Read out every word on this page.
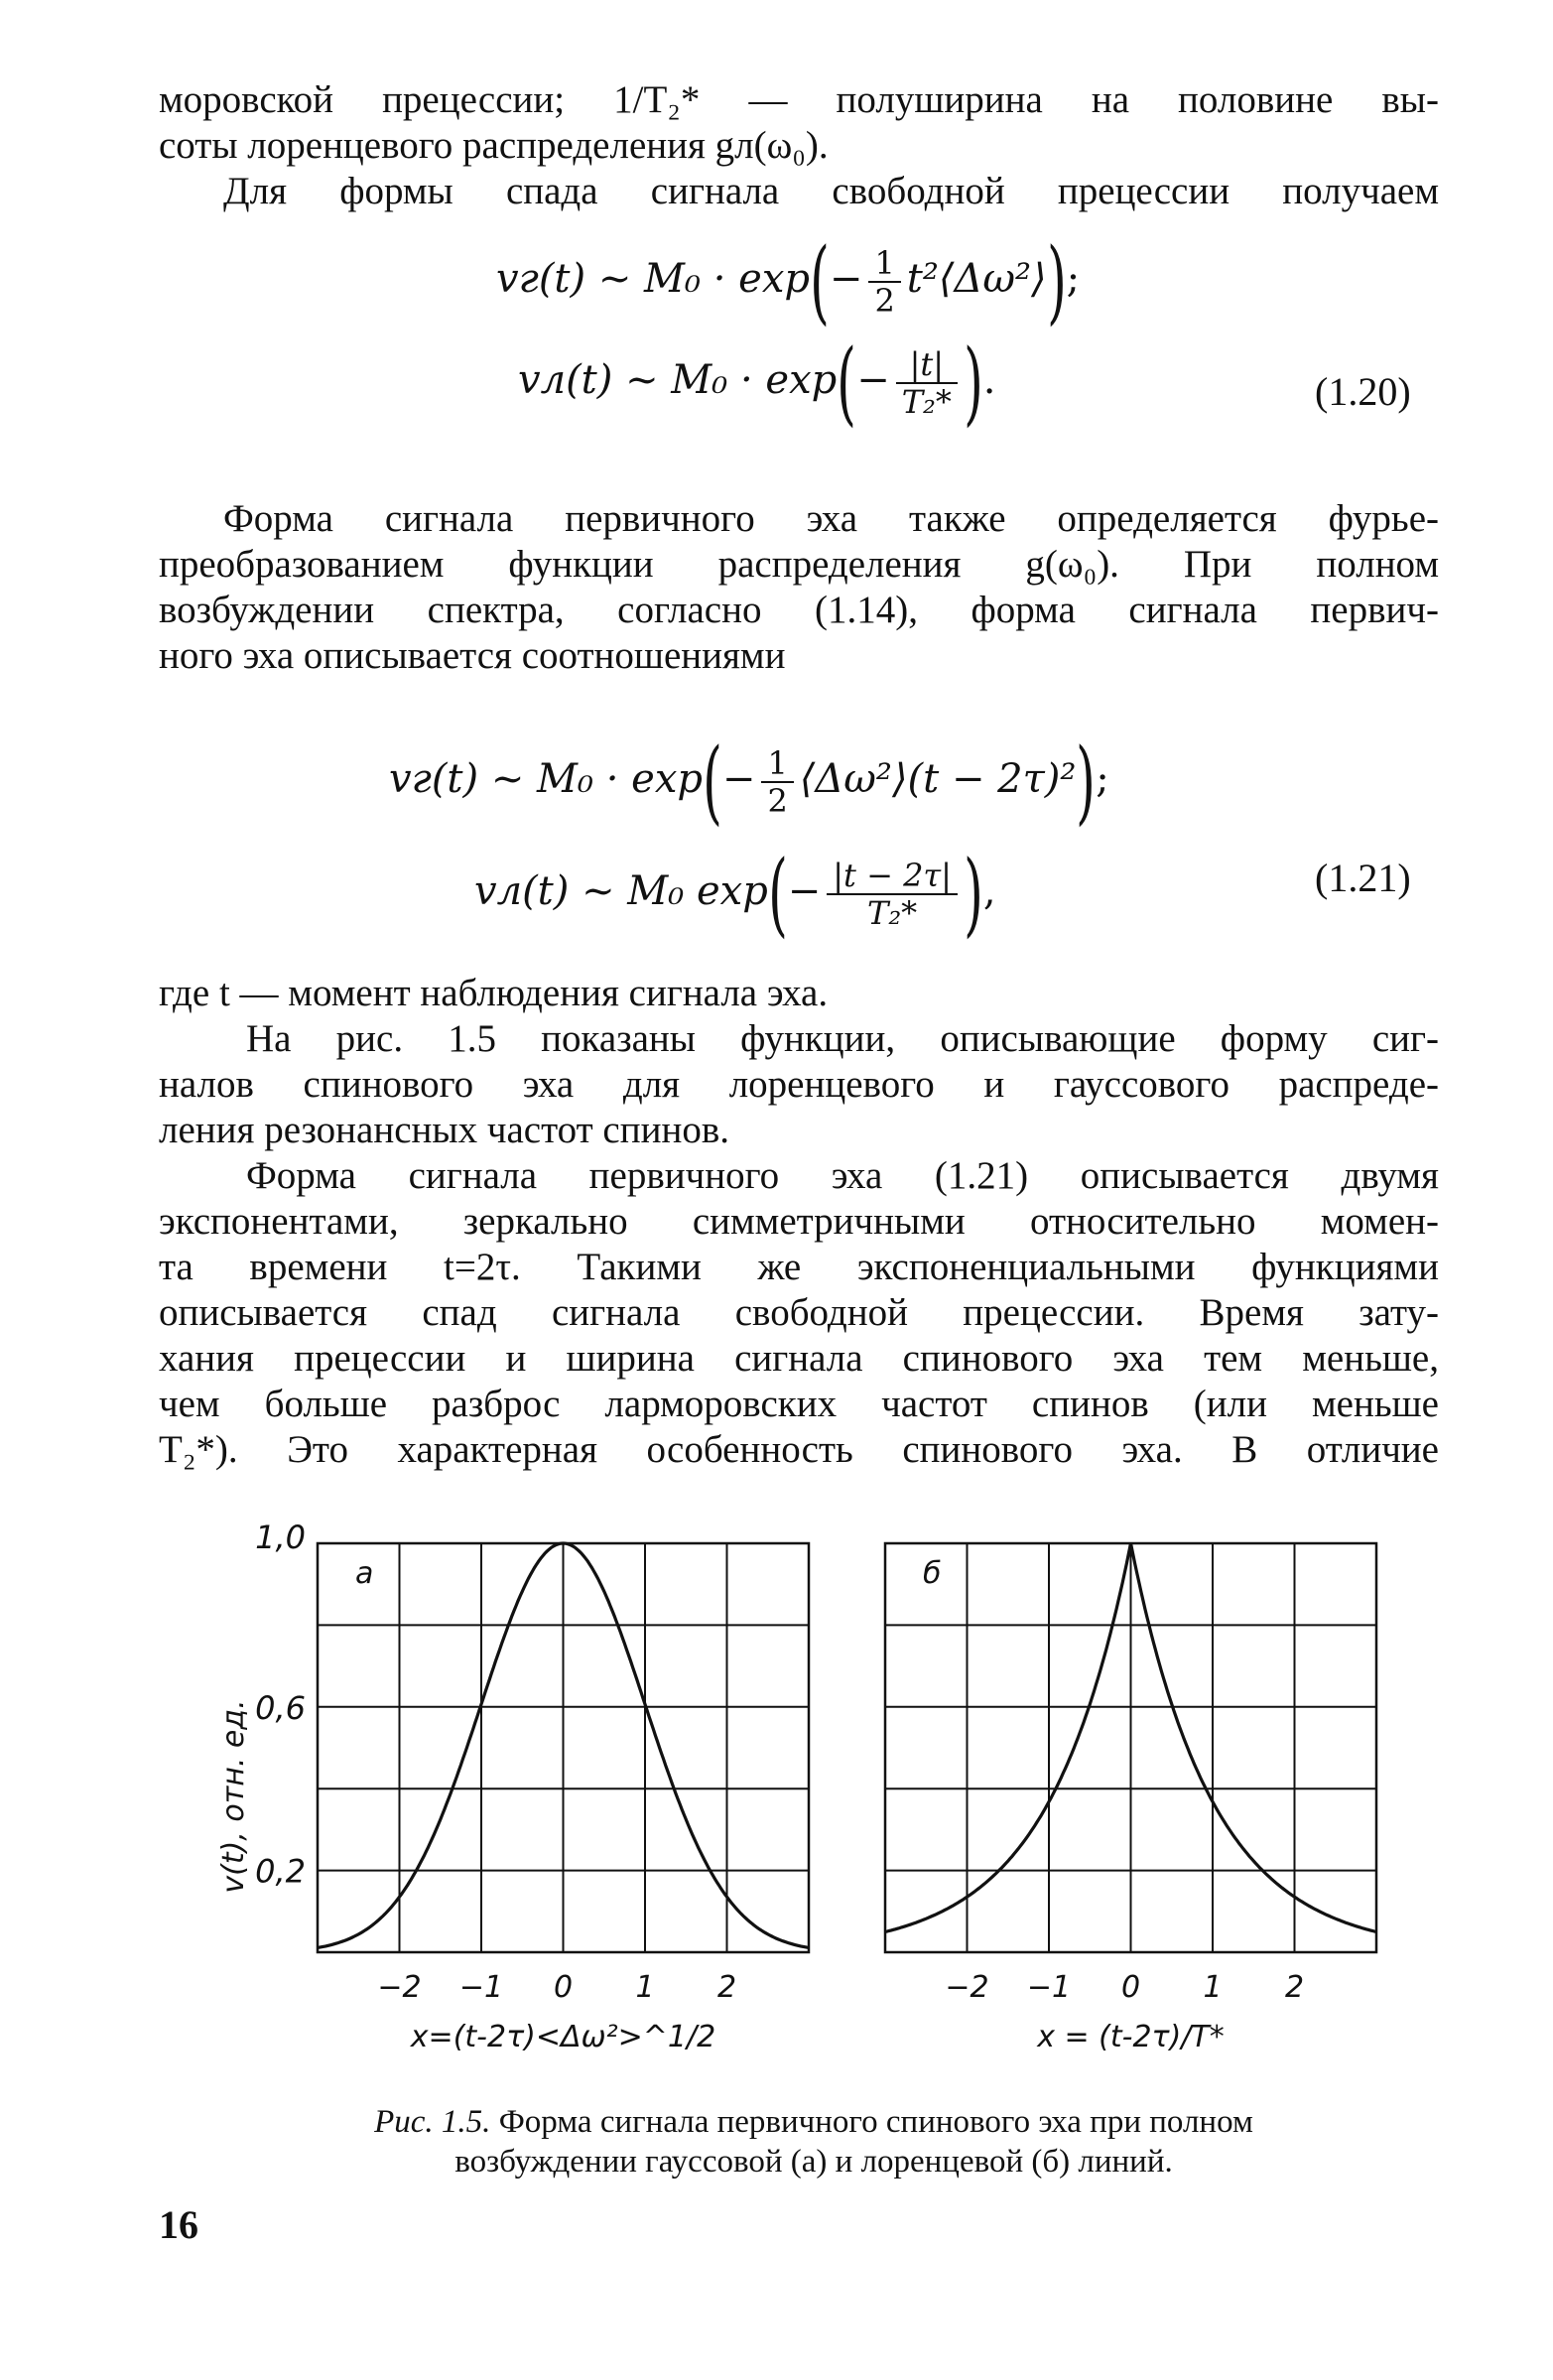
моровской прецессии; 1/T₂* — полуширина на половине вы-
соты лоренцевого распределения gл(ω₀).
Для формы спада сигнала свободной прецессии получаем
vг(t) ~ $M_0 \cdot \exp(- \frac{1}{2}$ t²⟨Δω²⟩);
vл(t) ~ $M_0 \cdot \exp(- \frac{|t|}{\text{T₂*}}$ ).	(1.20)
Форма сигнала первичного эха также определяется фурье-
преобразованием функции распределения g(ω₀). При полном
возбуждении спектра, согласно (1.14), форма сигнала первич-
ного эха описывается соотношениями
vг(t) ~ $M_0 \cdot \exp(- \frac{1}{2}$ ⟨Δω²⟩(t − 2τ)²);
vл(t) ~ M₀ $\exp(- \frac{|t - 2\tau|}{\text{T₂*}}$ ),	(1.21)
где t — момент наблюдения сигнала эха.
На рис. 1.5 показаны функции, описывающие форму сиг-
налов спинового эха для лоренцевого и гауссового распреде-
ления резонансных частот спинов.
Форма сигнала первичного эха (1.21) описывается двумя
экспонентами, зеркально симметричными относительно момен-
та времени t=2τ. Такими же экспоненциальными функциями
описывается спад сигнала свободной прецессии. Время зату-
хания прецессии и ширина сигнала спинового эха тем меньше,
чем больше разброс ларморовских частот спинов (или меньше
T₂*). Это характерная особенность спинового эха. В отличие
v(t), отн. ед.
а
−2 −1 0 1 2
0,2
0,6
1,0
x=(t-2τ)<Δω²>^1/2
б
−2 −1 0 1 2
x = (t-2τ)/T*
Рис. 1.5. Форма сигнала первичного спинового эха при полном
возбуждении гауссовой (а) и лоренцевой (б) линий.
16
